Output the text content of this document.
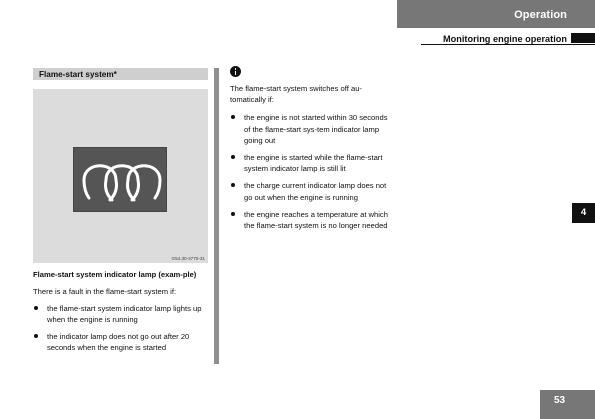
Operation
Monitoring engine operation
Flame-start system*
G54.30-3770-31
Flame-start system indicator lamp (exam-ple)
There is a fault in the flame-start system if:
the flame-start system indicator lamp lights up when the engine is running
the indicator lamp does not go out after 20 seconds when the engine is started
The flame-start system switches off au-tomatically if:
the engine is not started within 30 seconds of the flame-start sys-tem indicator lamp going out
the engine is started while the flame-start system indicator lamp is still lit
the charge current indicator lamp does not go out when the engine is running
the engine reaches a temperature at which the flame-start system is no longer needed
4
53
